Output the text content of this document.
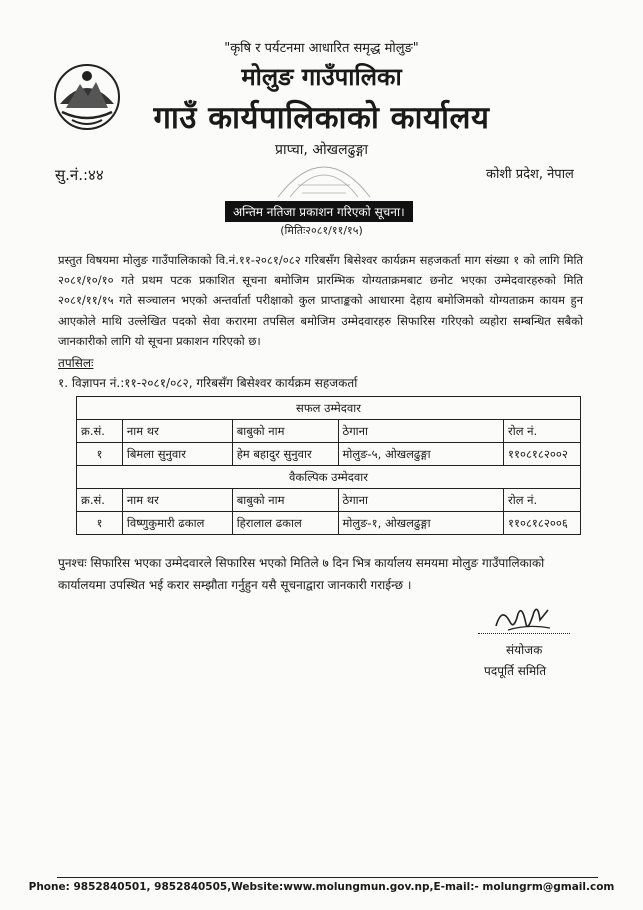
"कृषि र पर्यटनमा आधारित समृद्ध मोलुङ"
मोलुङ गाउँपालिका
गाउँ कार्यपालिकाको कार्यालय
प्राप्चा, ओखलढुङ्गा
सु.नं.:४४	कोशी प्रदेश, नेपाल
अन्तिम नतिजा प्रकाशन गरिएको सूचना।
(मितिः२०८१/११/१५)
प्रस्तुत विषयमा मोलुङ गाउँपालिकाको वि.नं.११-२०८१/०८२ गरिबसँग बिसेश्वर कार्यक्रम सहजकर्ता माग संख्या १ को लागि मिति २०८१/१०/१० गते प्रथम पटक प्रकाशित सूचना बमोजिम प्रारम्भिक योग्यताक्रमबाट छनोट भएका उम्मेदवारहरुको मिति २०८१/११/१५ गते सञ्चालन भएको अन्तर्वार्ता परीक्षाको कुल प्राप्ताङ्कको आधारमा देहाय बमोजिमको योग्यताक्रम कायम हुन आएकोले माथि उल्लेखित पदको सेवा करारमा तपसिल बमोजिम उम्मेदवारहरु सिफारिस गरिएको व्यहोरा सम्बन्धित सबैको जानकारीको लागि यो सूचना प्रकाशन गरिएको छ।
तपसिलः
१. विज्ञापन नं.:११-२०८१/०८२, गरिबसँग बिसेश्वर कार्यक्रम सहजकर्ता
सफल उम्मेदवार				
क्र.सं.	नाम थर	बाबुको नाम	ठेगाना	रोल नं.
१	बिमला सुनुवार	हेम बहादुर सुनुवार	मोलुङ-५, ओखलढुङ्गा	११०८१८२००२
वैकल्पिक उम्मेदवार				
क्र.सं.	नाम थर	बाबुको नाम	ठेगाना	रोल नं.
१	विष्णुकुमारी ढकाल	हिरालाल ढकाल	मोलुङ-१, ओखलढुङ्गा	११०८१८२००६
पुनश्चः सिफारिस भएका उम्मेदवारले सिफारिस भएको मितिले ७ दिन भित्र कार्यालय समयमा मोलुङ गाउँपालिकाको कार्यालयमा उपस्थित भई करार सम्झौता गर्नुहुन यसै सूचनाद्वारा जानकारी गराईन्छ ।
संयोजक
पदपूर्ति समिति
Phone: 9852840501, 9852840505,Website:www.molungmun.gov.np,E-mail:- molungrm@gmail.com
